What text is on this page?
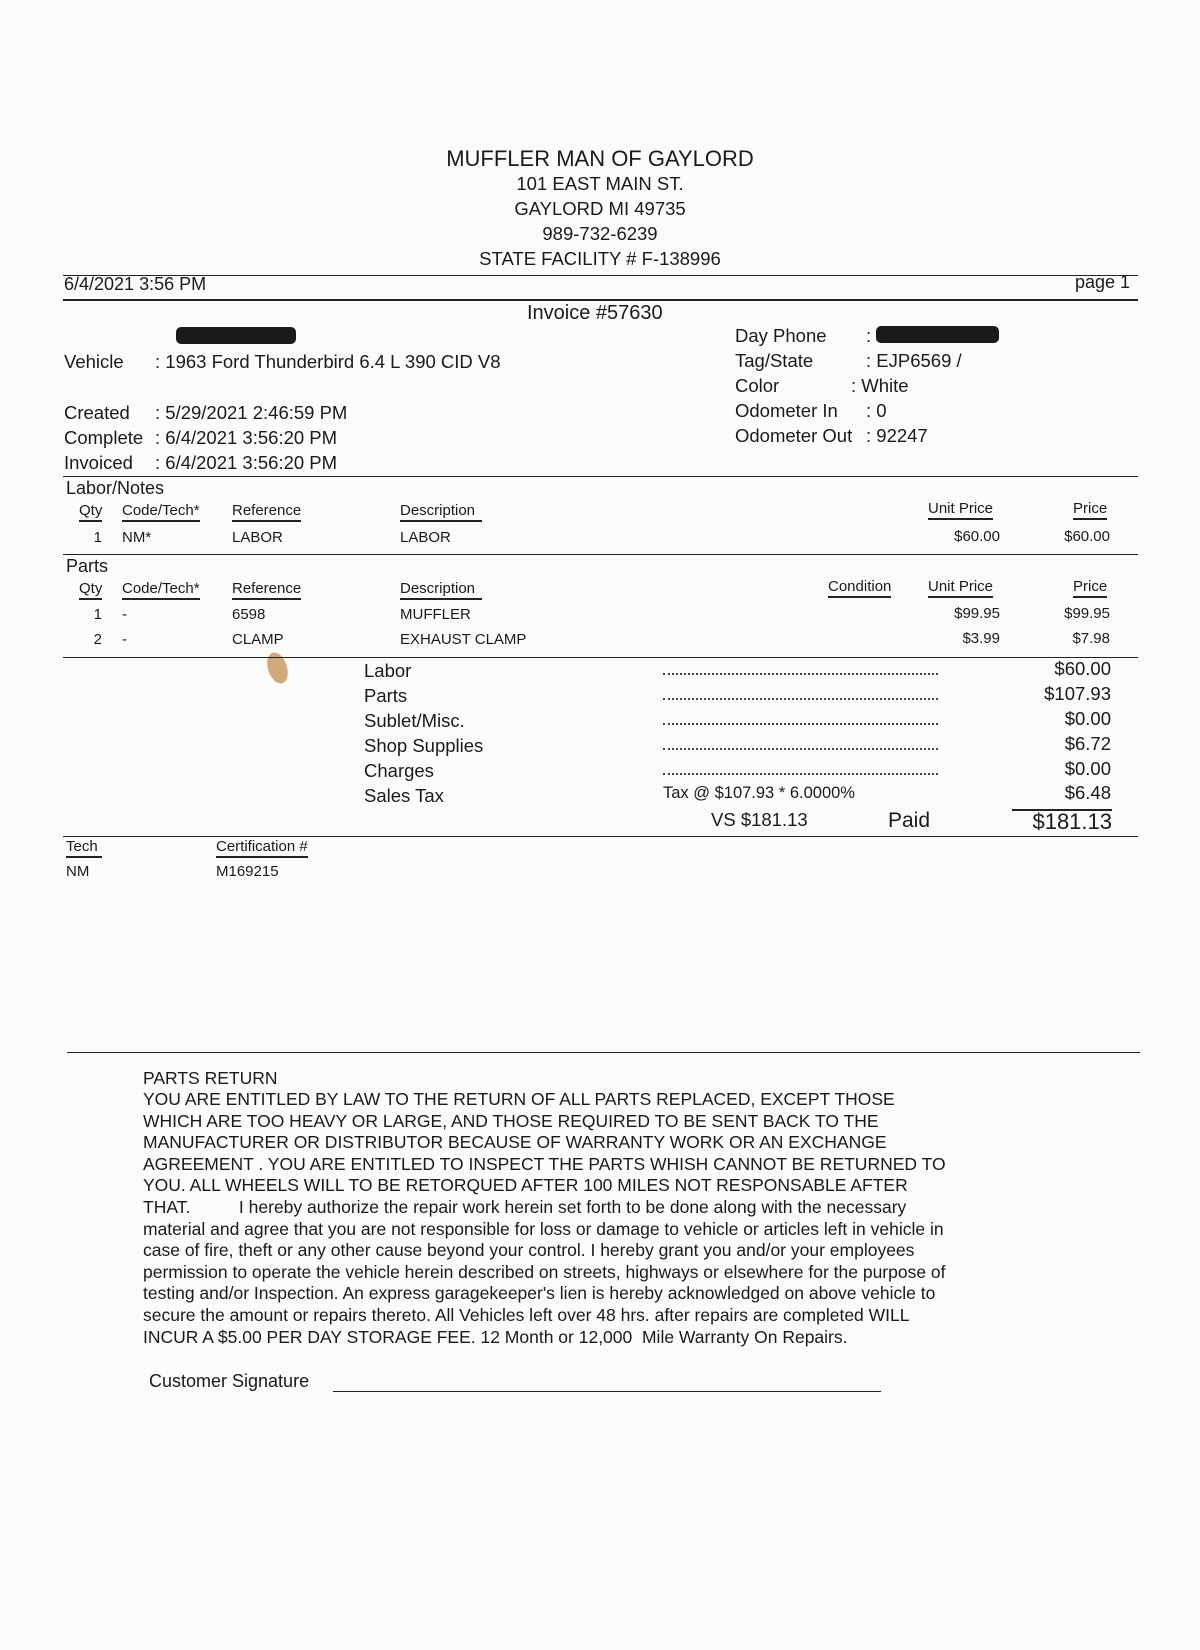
MUFFLER MAN OF GAYLORD
101 EAST MAIN ST.
GAYLORD MI 49735
989-732-6239
STATE FACILITY # F-138996
6/4/2021 3:56 PM	page 1
Invoice #57630
Vehicle : 1963 Ford Thunderbird 6.4 L 390 CID V8
Created : 5/29/2021 2:46:59 PM
Complete : 6/4/2021 3:56:20 PM
Invoiced : 6/4/2021 3:56:20 PM
Day Phone :
Tag/State	: EJP6569 /
Color	: White
Odometer In : 0
Odometer Out : 92247
Labor/Notes
Qty Code/Tech* Reference	Description	Unit Price	Price
1 NM*	LABOR	LABOR	$60.00	$60.00
Parts
Qty Code/Tech* Reference	Description	Condition Unit Price	Price
1 -	6598	MUFFLER	$99.95	$99.95
2 -	CLAMP	EXHAUST CLAMP	$3.99	$7.98
Labor	$60.00
Parts	$107.93
Sublet/Misc.	$0.00
Shop Supplies	$6.72
Charges	$0.00
Sales Tax	Tax @ $107.93 * 6.0000%	$6.48
VS $181.13	Paid	$181.13
Tech	Certification #
NM	M169215
PARTS RETURN
YOU ARE ENTITLED BY LAW TO THE RETURN OF ALL PARTS REPLACED, EXCEPT THOSE
WHICH ARE TOO HEAVY OR LARGE, AND THOSE REQUIRED TO BE SENT BACK TO THE
MANUFACTURER OR DISTRIBUTOR BECAUSE OF WARRANTY WORK OR AN EXCHANGE
AGREEMENT . YOU ARE ENTITLED TO INSPECT THE PARTS WHISH CANNOT BE RETURNED TO
YOU. ALL WHEELS WILL TO BE RETORQUED AFTER 100 MILES NOT RESPONSABLE AFTER
THAT.          I hereby authorize the repair work herein set forth to be done along with the necessary
material and agree that you are not responsible for loss or damage to vehicle or articles left in vehicle in
case of fire, theft or any other cause beyond your control. I hereby grant you and/or your employees
permission to operate the vehicle herein described on streets, highways or elsewhere for the purpose of
testing and/or Inspection. An express garagekeeper's lien is hereby acknowledged on above vehicle to
secure the amount or repairs thereto. All Vehicles left over 48 hrs. after repairs are completed WILL
INCUR A $5.00 PER DAY STORAGE FEE. 12 Month or 12,000  Mile Warranty On Repairs.
Customer Signature
